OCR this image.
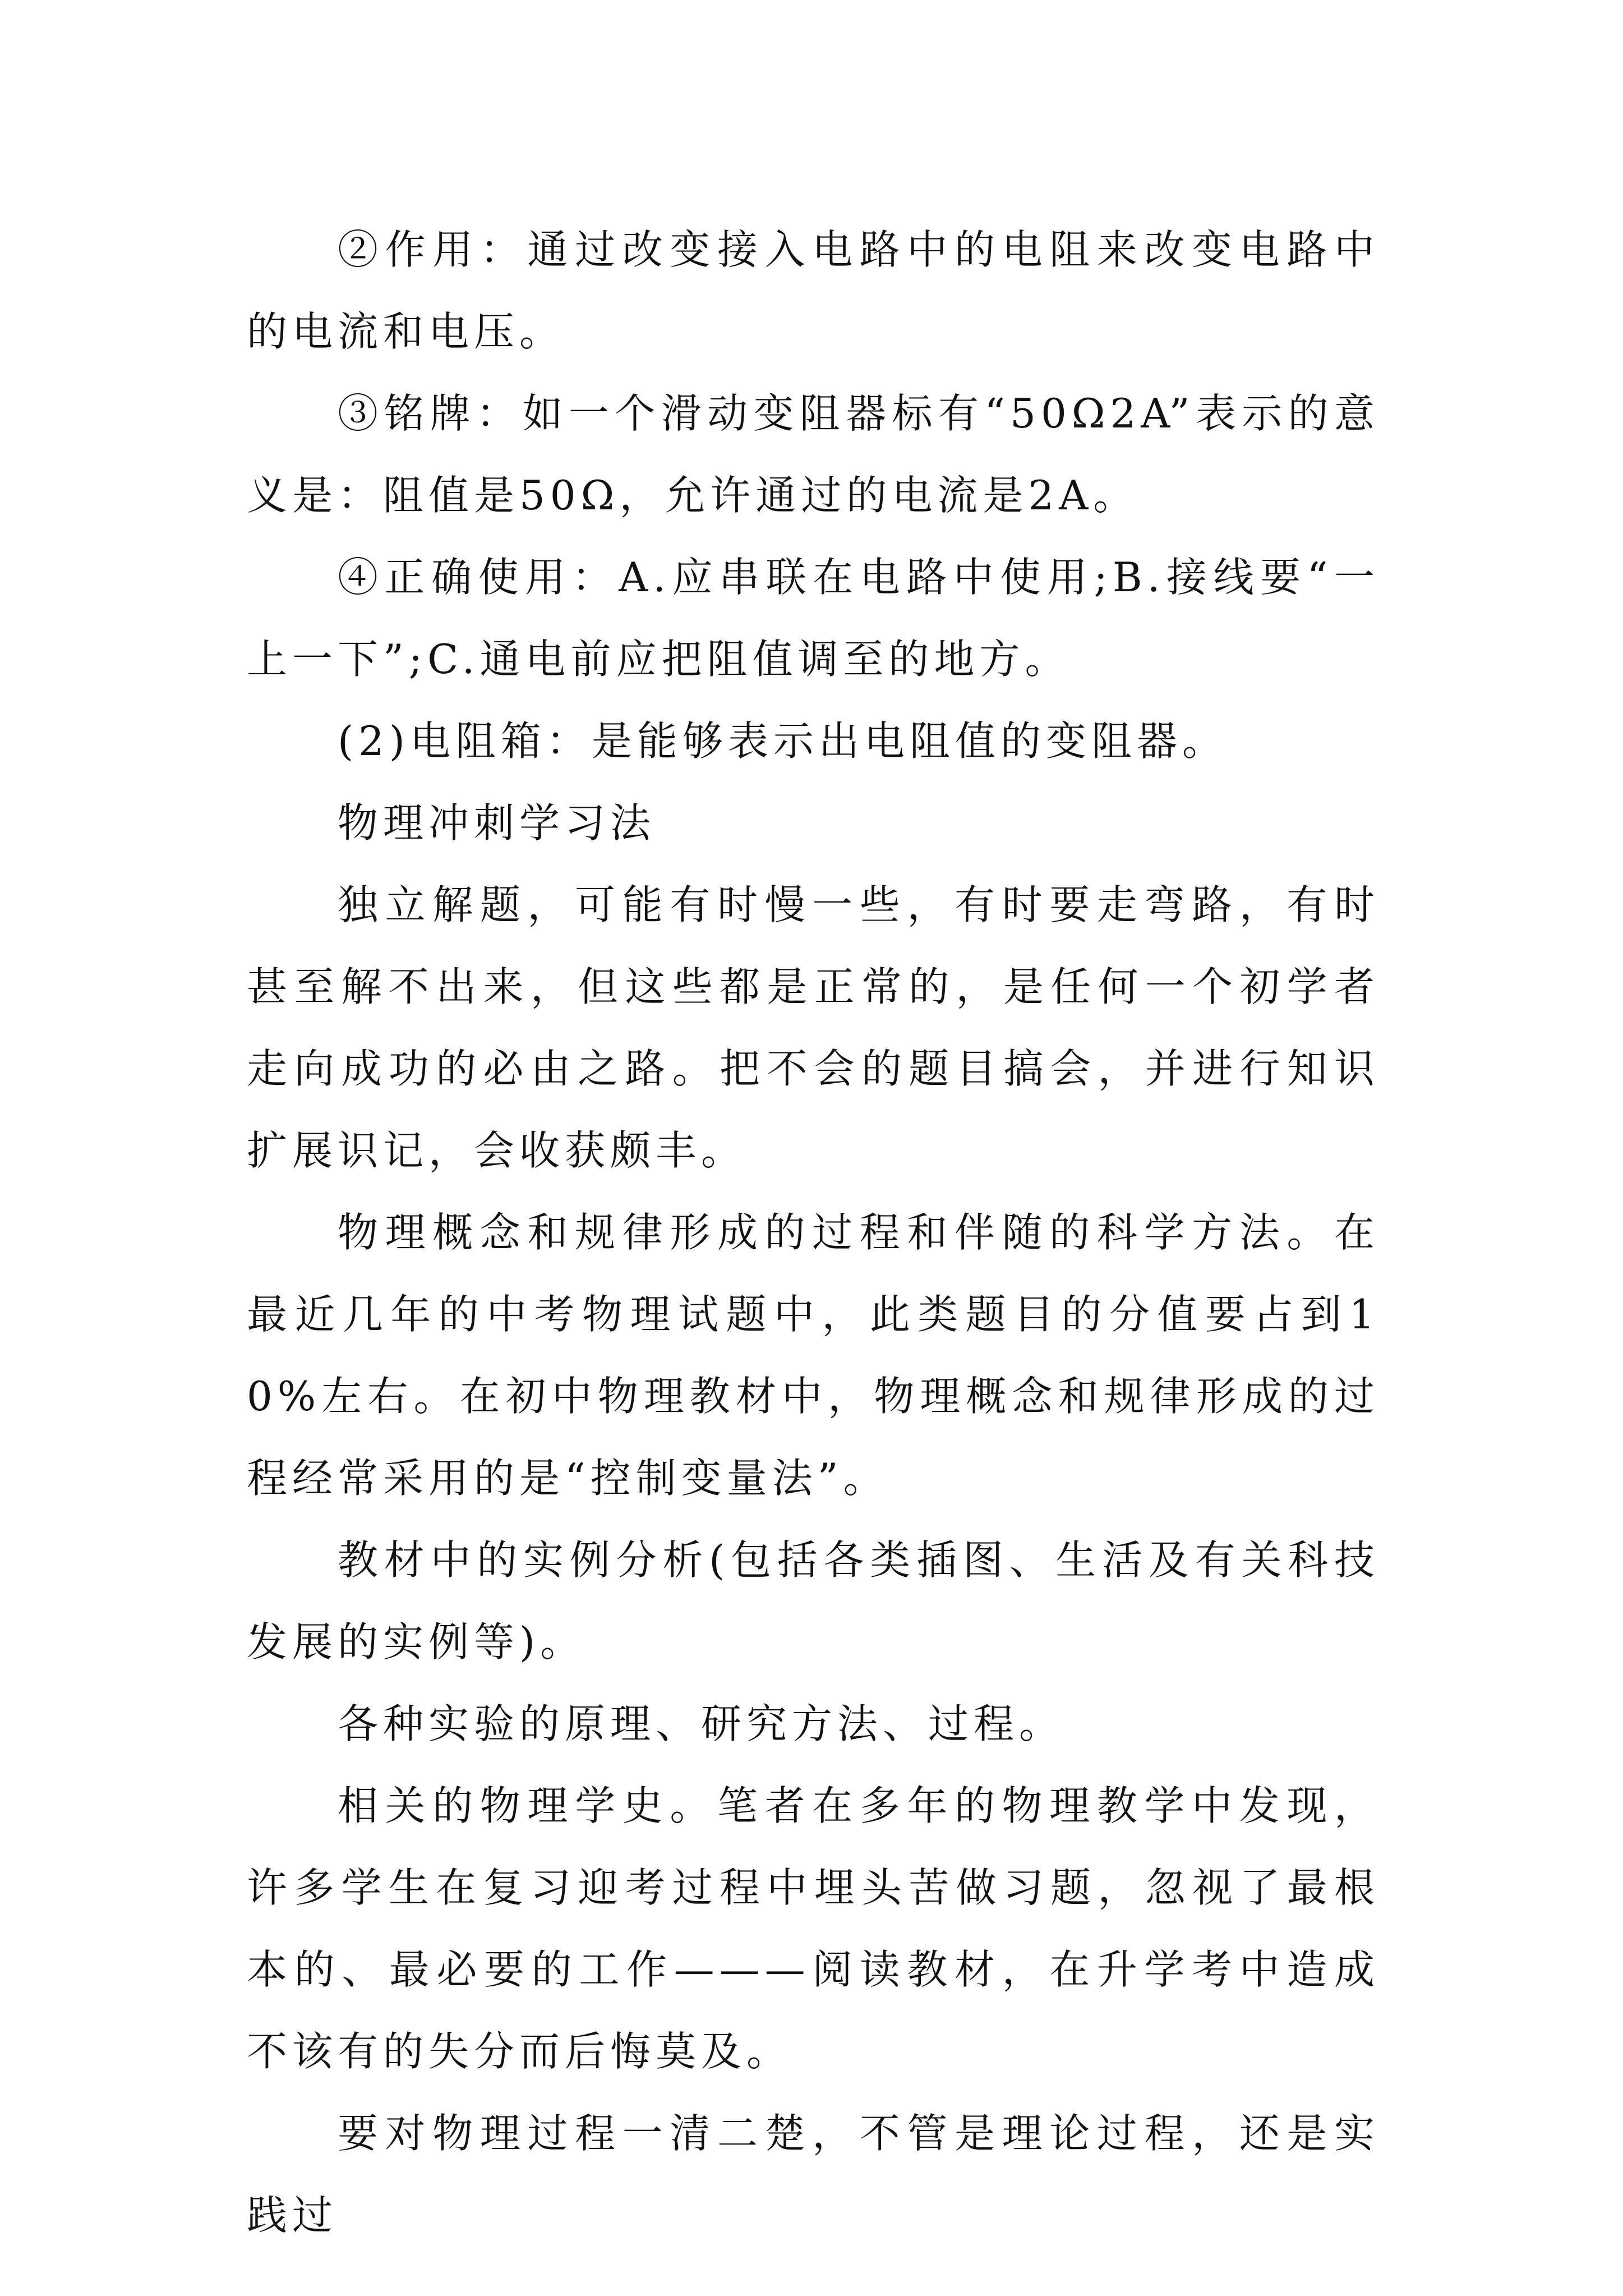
②作用：通过改变接入电路中的电阻来改变电路中的电流和电压。

③铭牌：如一个滑动变阻器标有“50Ω2A”表示的意义是：阻值是50Ω，允许通过的电流是2A。

④正确使用：A.应串联在电路中使用;B.接线要“一上一下”;C.通电前应把阻值调至的地方。

(2)电阻箱：是能够表示出电阻值的变阻器。

物理冲刺学习法

独立解题，可能有时慢一些，有时要走弯路，有时甚至解不出来，但这些都是正常的，是任何一个初学者走向成功的必由之路。把不会的题目搞会，并进行知识扩展识记，会收获颇丰。

物理概念和规律形成的过程和伴随的科学方法。在最近几年的中考物理试题中，此类题目的分值要占到10%左右。在初中物理教材中，物理概念和规律形成的过程经常采用的是“控制变量法”。

教材中的实例分析(包括各类插图、生活及有关科技发展的实例等)。

各种实验的原理、研究方法、过程。

相关的物理学史。笔者在多年的物理教学中发现，许多学生在复习迎考过程中埋头苦做习题，忽视了最根本的、最必要的工作———阅读教材，在升学考中造成不该有的失分而后悔莫及。

要对物理过程一清二楚，不管是理论过程，还是实践过
